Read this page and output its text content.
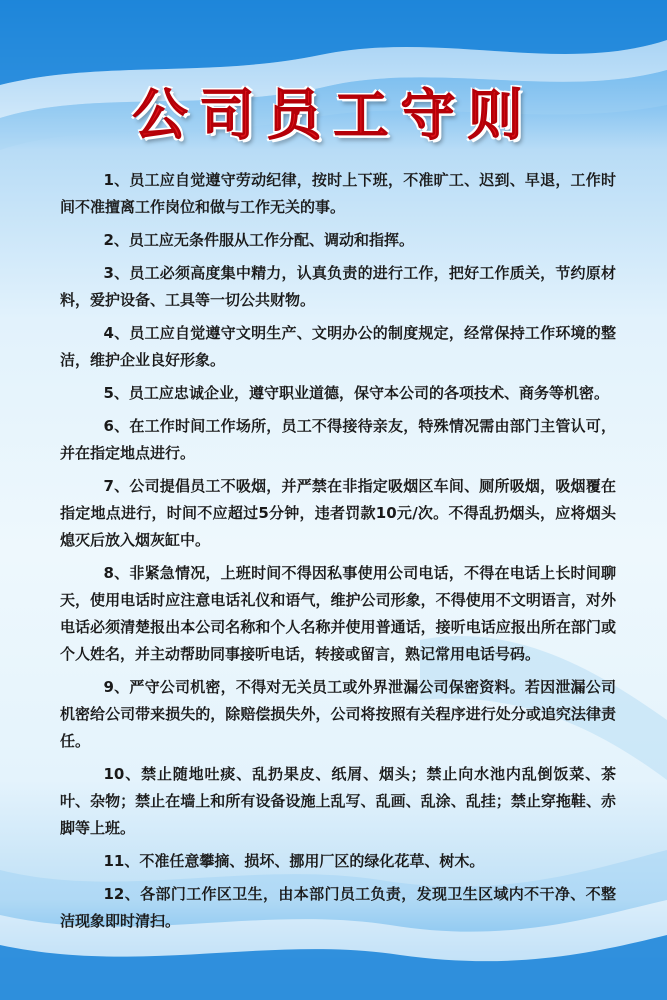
公司员工守则

1、员工应自觉遵守劳动纪律，按时上下班，不准旷工、迟到、早退，工作时间不准擅离工作岗位和做与工作无关的事。

2、员工应无条件服从工作分配、调动和指挥。

3、员工必须高度集中精力，认真负责的进行工作，把好工作质关，节约原材料，爱护设备、工具等一切公共财物。

4、员工应自觉遵守文明生产、文明办公的制度规定，经常保持工作环境的整洁，维护企业良好形象。

5、员工应忠诚企业，遵守职业道德，保守本公司的各项技术、商务等机密。

6、在工作时间工作场所，员工不得接待亲友，特殊情况需由部门主管认可，并在指定地点进行。

7、公司提倡员工不吸烟，并严禁在非指定吸烟区车间、厕所吸烟，吸烟覆在指定地点进行，时间不应超过5分钟，违者罚款10元/次。不得乱扔烟头，应将烟头熄灭后放入烟灰缸中。

8、非紧急情况，上班时间不得因私事使用公司电话，不得在电话上长时间聊天，使用电话时应注意电话礼仪和语气，维护公司形象，不得使用不文明语言，对外电话必须清楚报出本公司名称和个人名称并使用普通话，接听电话应报出所在部门或个人姓名，并主动帮助同事接听电话，转接或留言，熟记常用电话号码。

9、严守公司机密，不得对无关员工或外界泄漏公司保密资料。若因泄漏公司机密给公司带来损失的，除赔偿损失外，公司将按照有关程序进行处分或追究法律责任。

10、禁止随地吐痰、乱扔果皮、纸屑、烟头；禁止向水池内乱倒饭菜、茶叶、杂物；禁止在墙上和所有设备设施上乱写、乱画、乱涂、乱挂；禁止穿拖鞋、赤脚等上班。

11、不准任意攀摘、损坏、挪用厂区的绿化花草、树木。

12、各部门工作区卫生，由本部门员工负责，发现卫生区域内不干净、不整洁现象即时清扫。
